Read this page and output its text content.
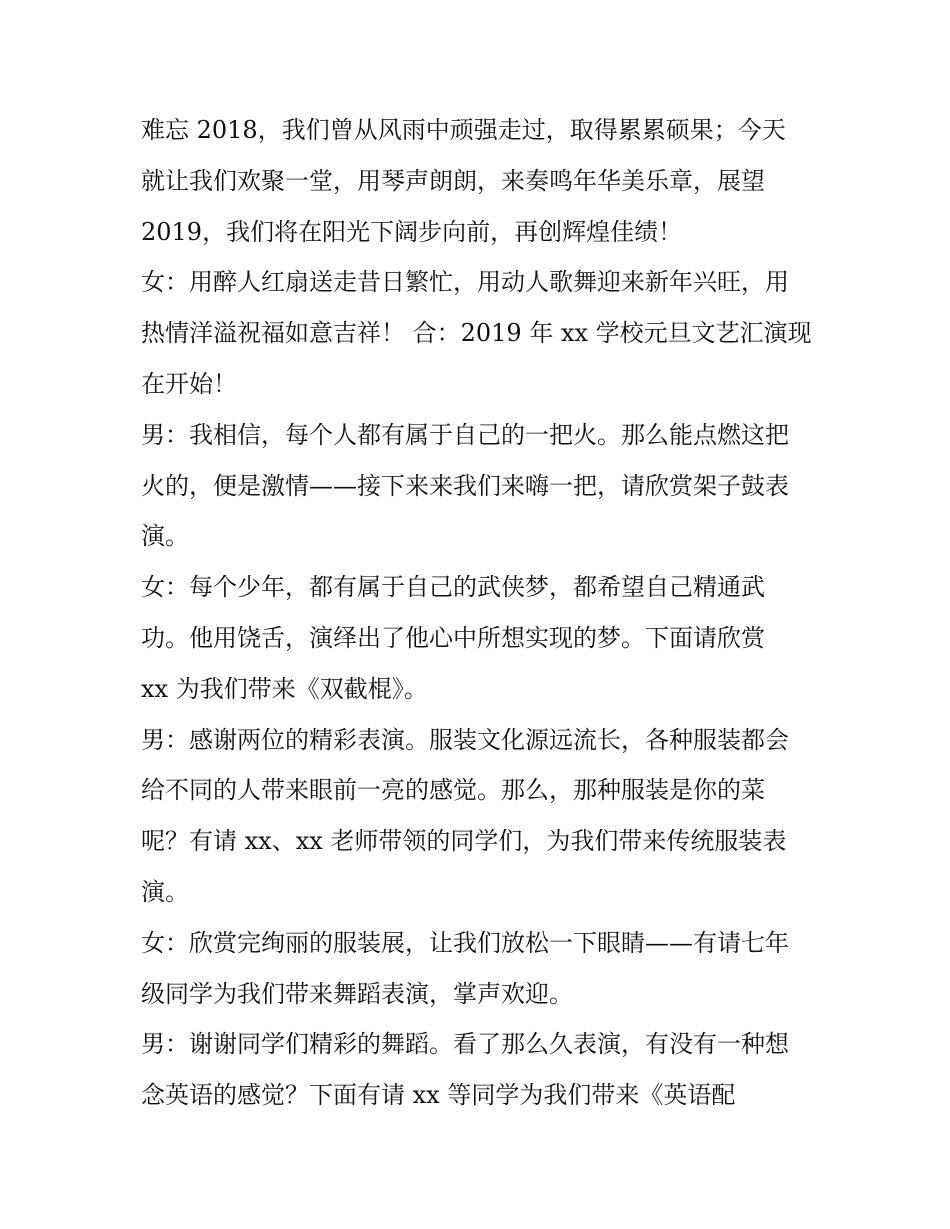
难忘 2018，我们曾从风雨中顽强走过，取得累累硕果；今天
就让我们欢聚一堂，用琴声朗朗，来奏鸣年华美乐章，展望
2019，我们将在阳光下阔步向前，再创辉煌佳绩！
女：用醉人红扇送走昔日繁忙，用动人歌舞迎来新年兴旺，用
热情洋溢祝福如意吉祥！ 合：2019 年 xx 学校元旦文艺汇演现
在开始！
男：我相信，每个人都有属于自己的一把火。那么能点燃这把
火的，便是激情——接下来来我们来嗨一把，请欣赏架子鼓表
演。
女：每个少年，都有属于自己的武侠梦，都希望自己精通武
功。他用饶舌，演绎出了他心中所想实现的梦。下面请欣赏
xx 为我们带来《双截棍》。
男：感谢两位的精彩表演。服装文化源远流长，各种服装都会
给不同的人带来眼前一亮的感觉。那么，那种服装是你的菜
呢？有请 xx、xx 老师带领的同学们，为我们带来传统服装表
演。
女：欣赏完绚丽的服装展，让我们放松一下眼睛——有请七年
级同学为我们带来舞蹈表演，掌声欢迎。
男：谢谢同学们精彩的舞蹈。看了那么久表演，有没有一种想
念英语的感觉？下面有请 xx 等同学为我们带来《英语配
